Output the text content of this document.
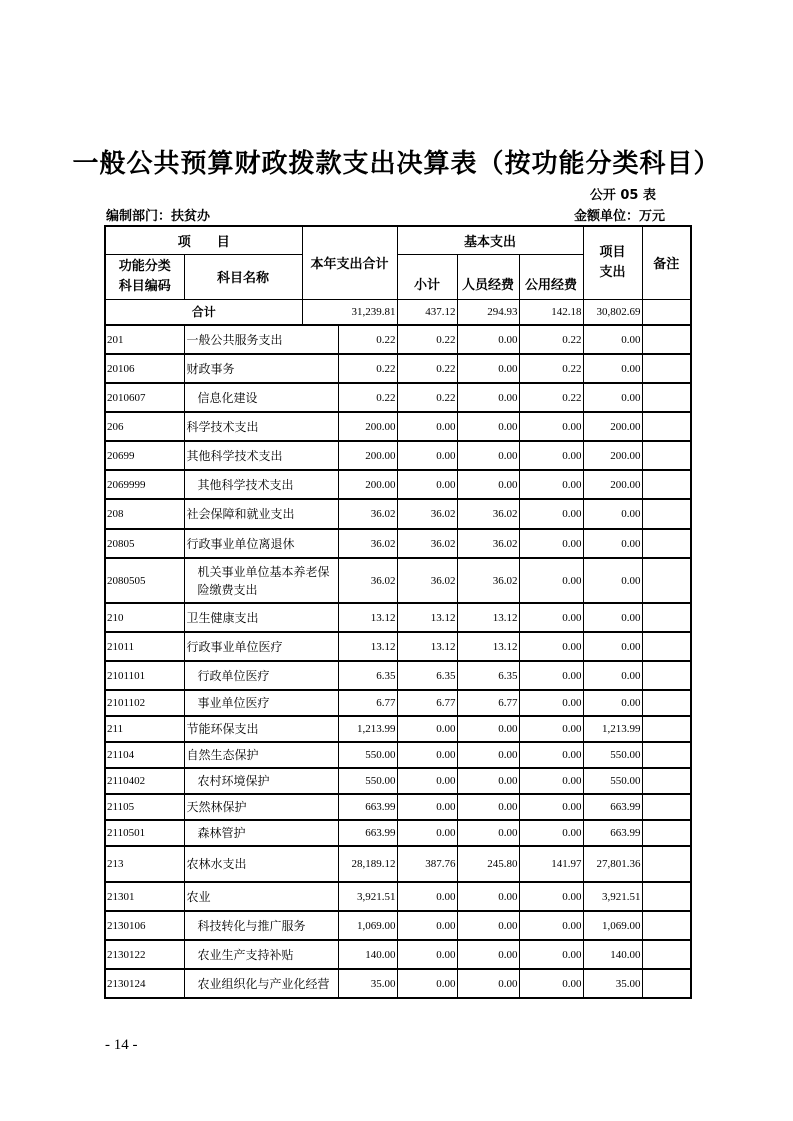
一般公共预算财政拨款支出决算表（按功能分类科目）
公开 05 表
编制部门：扶贫办	金额单位：万元
项　　目		本年支出合计		基本支出			项目支出	备注
功能分类科目编码	科目名称			小计	人员经费	公用经费		
合计		31,239.81		437.12	294.93	142.18	30,802.69	
201	一般公共服务支出		0.22	0.22	0.00	0.22	0.00	
20106	财政事务		0.22	0.22	0.00	0.22	0.00	
2010607	信息化建设		0.22	0.22	0.00	0.22	0.00	
206	科学技术支出		200.00	0.00	0.00	0.00	200.00	
20699	其他科学技术支出		200.00	0.00	0.00	0.00	200.00	
2069999	其他科学技术支出		200.00	0.00	0.00	0.00	200.00	
208	社会保障和就业支出		36.02	36.02	36.02	0.00	0.00	
20805	行政事业单位离退休		36.02	36.02	36.02	0.00	0.00	
2080505	机关事业单位基本养老保险缴费支出		36.02	36.02	36.02	0.00	0.00	
210	卫生健康支出		13.12	13.12	13.12	0.00	0.00	
21011	行政事业单位医疗		13.12	13.12	13.12	0.00	0.00	
2101101	行政单位医疗		6.35	6.35	6.35	0.00	0.00	
2101102	事业单位医疗		6.77	6.77	6.77	0.00	0.00	
211	节能环保支出		1,213.99	0.00	0.00	0.00	1,213.99	
21104	自然生态保护		550.00	0.00	0.00	0.00	550.00	
2110402	农村环境保护		550.00	0.00	0.00	0.00	550.00	
21105	天然林保护		663.99	0.00	0.00	0.00	663.99	
2110501	森林管护		663.99	0.00	0.00	0.00	663.99	
213	农林水支出		28,189.12	387.76	245.80	141.97	27,801.36	
21301	农业		3,921.51	0.00	0.00	0.00	3,921.51	
2130106	科技转化与推广服务		1,069.00	0.00	0.00	0.00	1,069.00	
2130122	农业生产支持补贴		140.00	0.00	0.00	0.00	140.00	
2130124	农业组织化与产业化经营		35.00	0.00	0.00	0.00	35.00	
- 14 -
